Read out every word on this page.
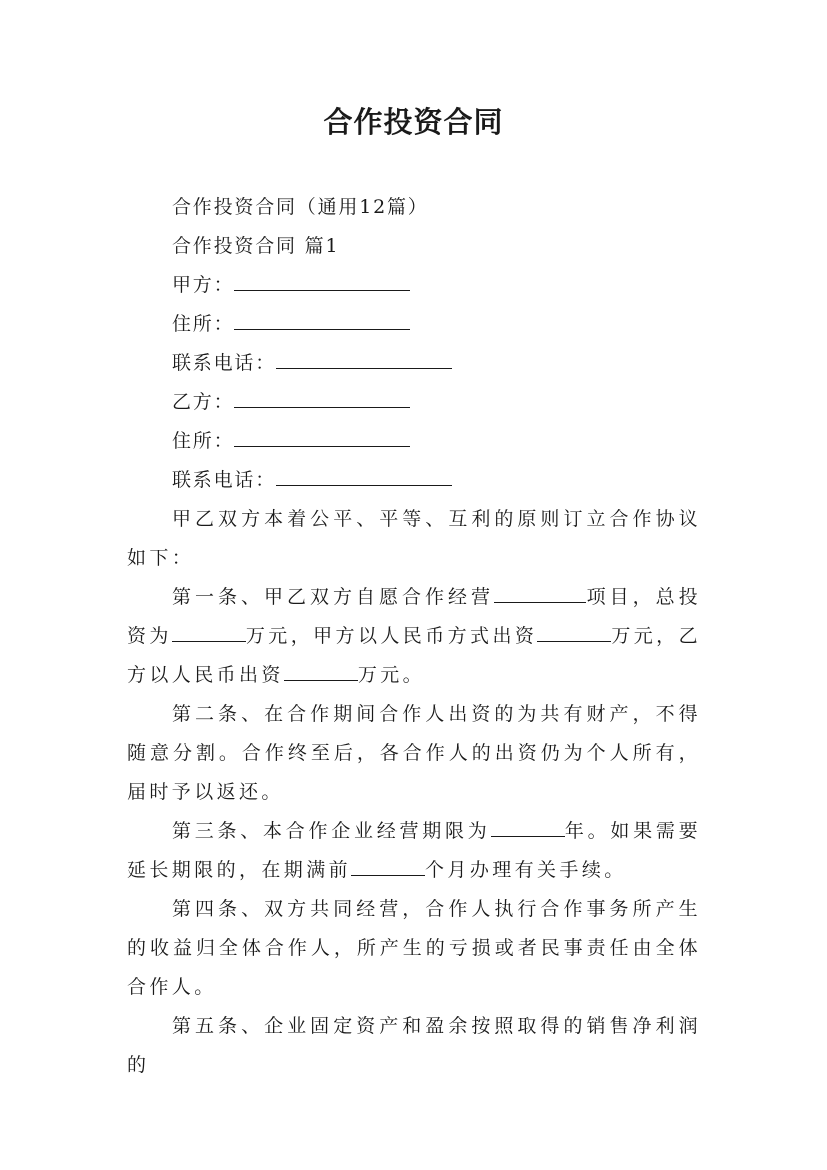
合作投资合同

合作投资合同（通用12篇）

合作投资合同 篇1

甲方：

住所：

联系电话：

乙方：

住所：

联系电话：

甲乙双方本着公平、平等、互利的原则订立合作协议如下：

第一条、甲乙双方自愿合作经营	项目，总投资为	万元，甲方以人民币方式出资	万元，乙方以人民币出资	万元。

第二条、在合作期间合作人出资的为共有财产，不得随意分割。合作终至后，各合作人的出资仍为个人所有，届时予以返还。

第三条、本合作企业经营期限为	年。如果需要延长期限的，在期满前	个月办理有关手续。

第四条、双方共同经营，合作人执行合作事务所产生的收益归全体合作人，所产生的亏损或者民事责任由全体合作人。

第五条、企业固定资产和盈余按照取得的销售净利润的
